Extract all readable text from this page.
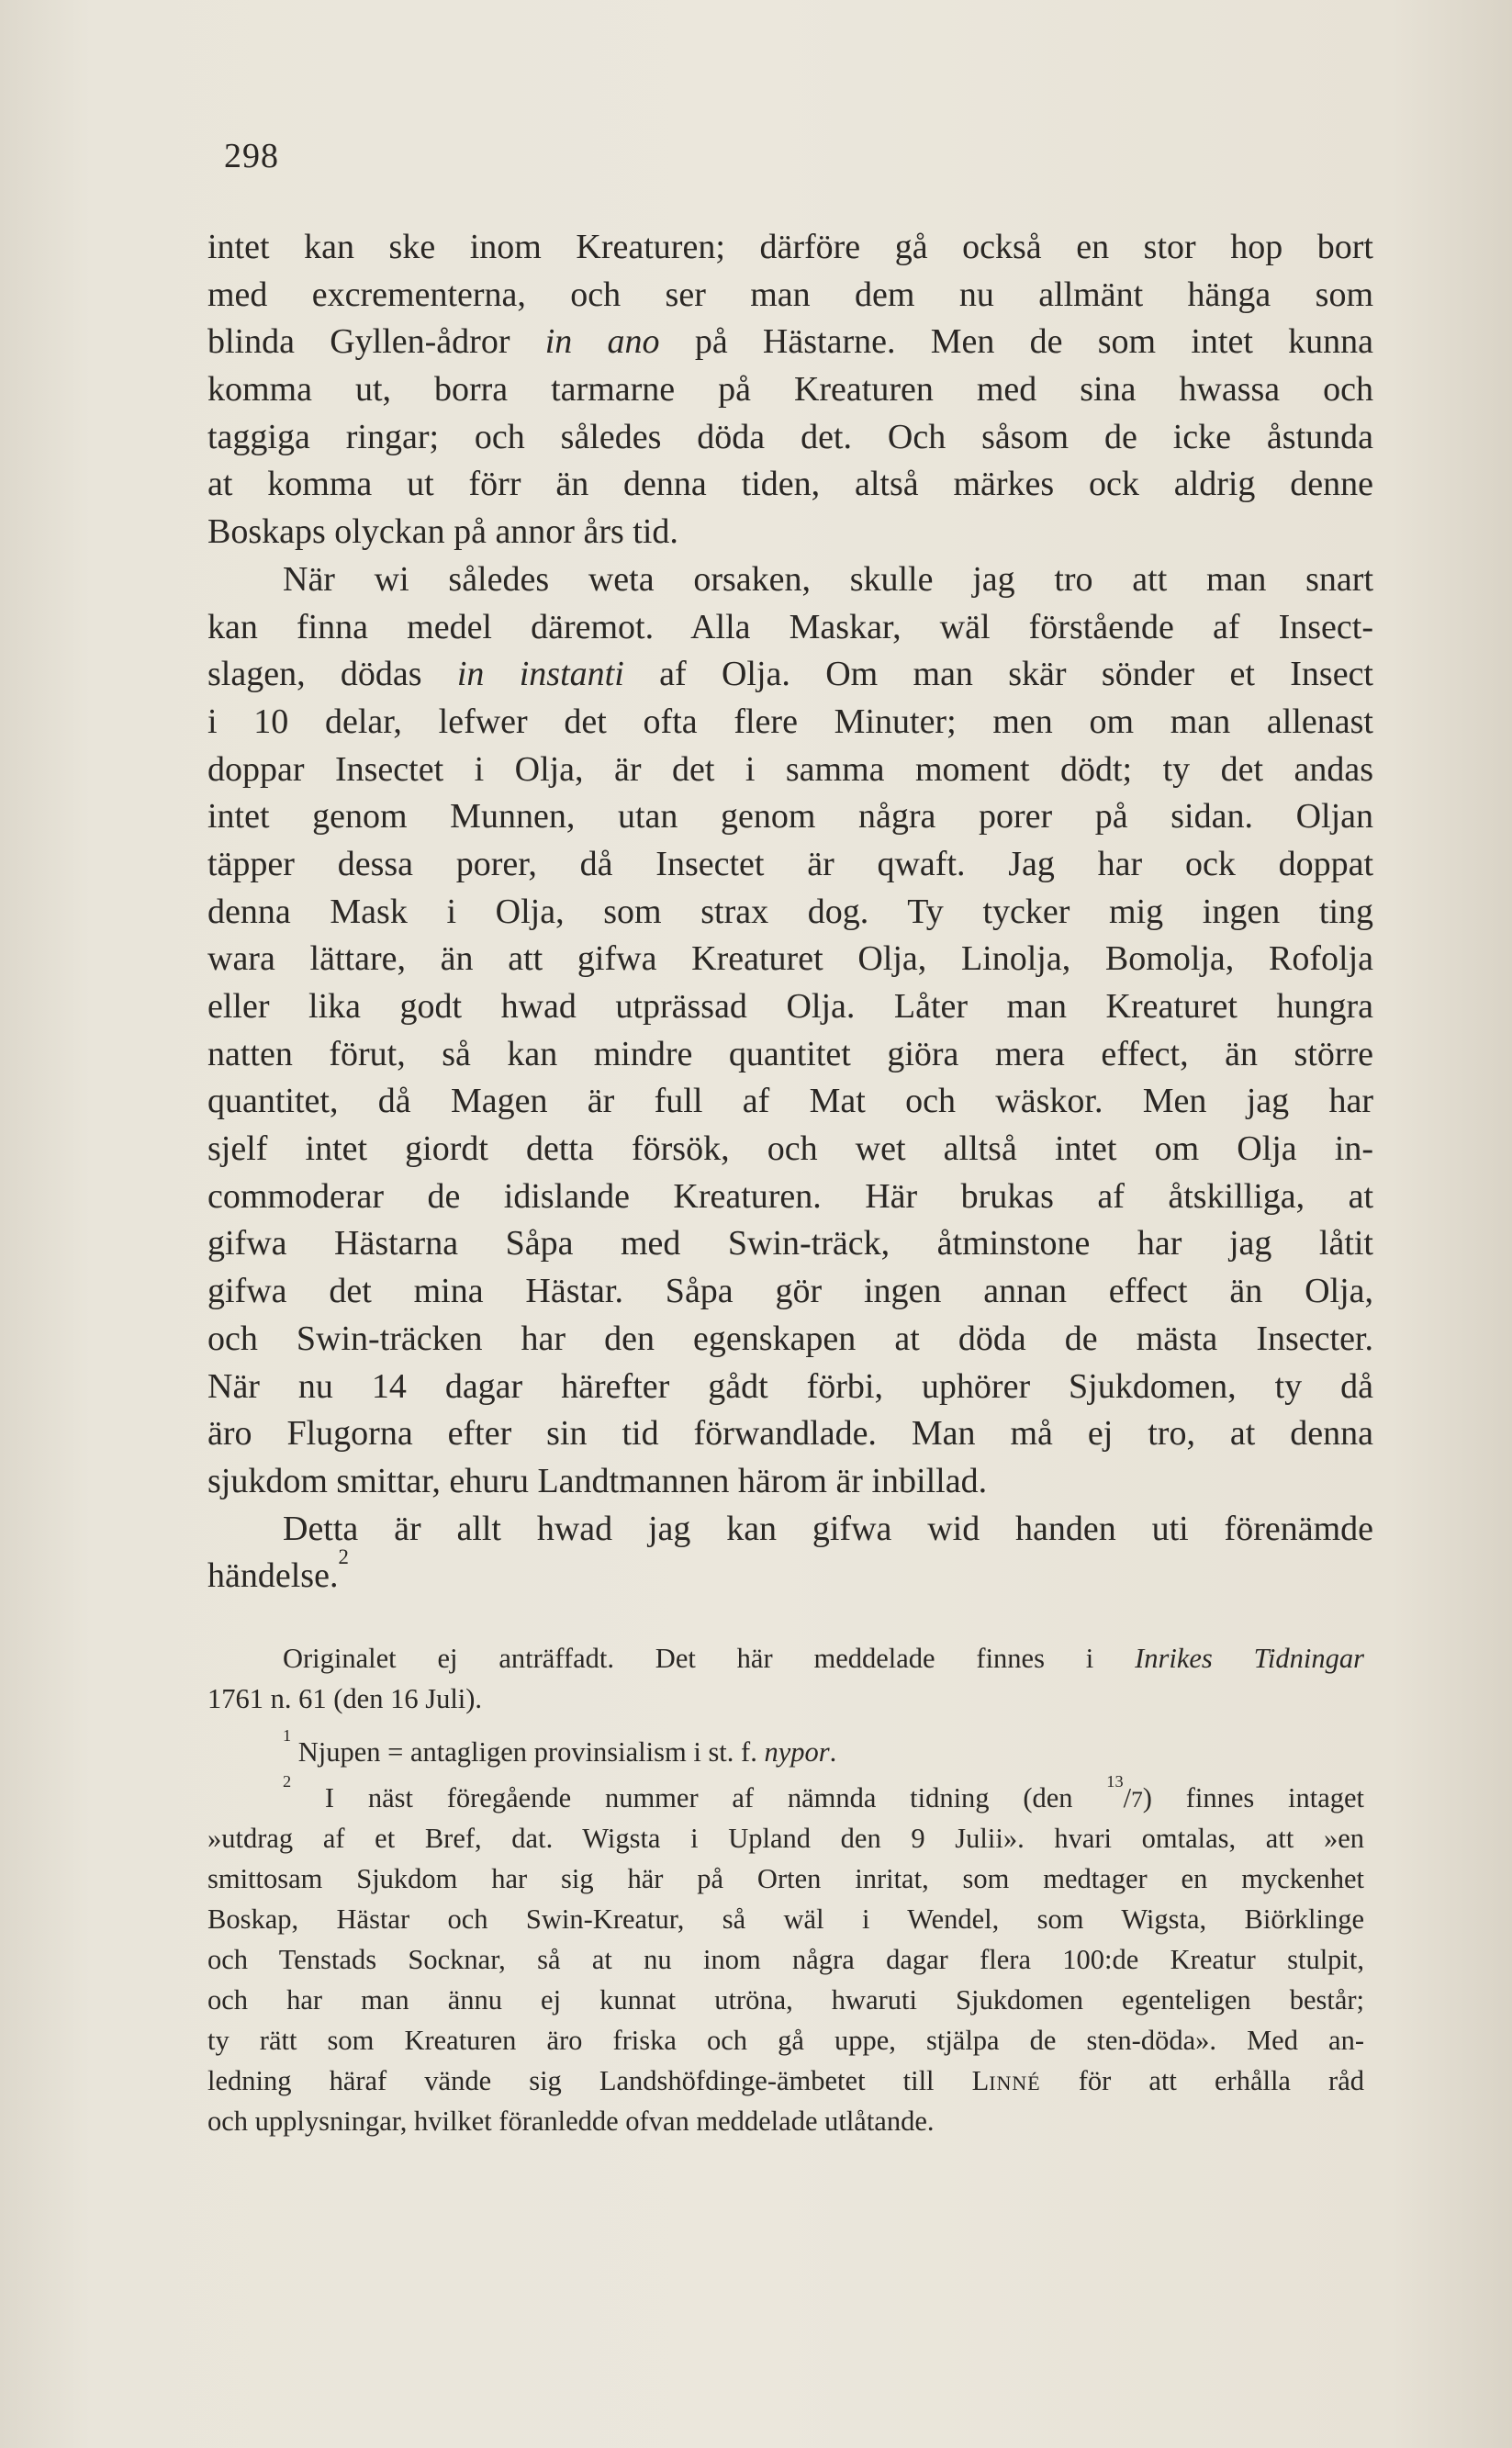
298
intet kan ske inom Kreaturen; därföre gå också en stor hop bort
med excrementerna, och ser man dem nu allmänt hänga som
blinda Gyllen-ådror in ano på Hästarne. Men de som intet kunna
komma ut, borra tarmarne på Kreaturen med sina hwassa och
taggiga ringar; och således döda det. Och såsom de icke åstunda
at komma ut förr än denna tiden, altså märkes ock aldrig denne
Boskaps olyckan på annor års tid.
När wi således weta orsaken, skulle jag tro att man snart
kan finna medel däremot. Alla Maskar, wäl förstående af Insect-
slagen, dödas in instanti af Olja. Om man skär sönder et Insect
i 10 delar, lefwer det ofta flere Minuter; men om man allenast
doppar Insectet i Olja, är det i samma moment dödt; ty det andas
intet genom Munnen, utan genom några porer på sidan. Oljan
täpper dessa porer, då Insectet är qwaft. Jag har ock doppat
denna Mask i Olja, som strax dog. Ty tycker mig ingen ting
wara lättare, än att gifwa Kreaturet Olja, Linolja, Bomolja, Rofolja
eller lika godt hwad utprässad Olja. Låter man Kreaturet hungra
natten förut, så kan mindre quantitet giöra mera effect, än större
quantitet, då Magen är full af Mat och wäskor. Men jag har
sjelf intet giordt detta försök, och wet alltså intet om Olja in-
commoderar de idislande Kreaturen. Här brukas af åtskilliga, at
gifwa Hästarna Såpa med Swin-träck, åtminstone har jag låtit
gifwa det mina Hästar. Såpa gör ingen annan effect än Olja,
och Swin-träcken har den egenskapen at döda de mästa Insecter.
När nu 14 dagar härefter gådt förbi, uphörer Sjukdomen, ty då
äro Flugorna efter sin tid förwandlade. Man må ej tro, at denna
sjukdom smittar, ehuru Landtmannen härom är inbillad.
Detta är allt hwad jag kan gifwa wid handen uti förenämde
händelse.$^2$
Originalet ej anträffadt. Det här meddelade finnes i Inrikes Tidningar
1761 n. 61 (den 16 Juli).
$^1$ Njupen = antagligen provinsialism i st. f. nypor.
$^2$ I näst föregående nummer af nämnda tidning (den $^{13}$/7) finnes intaget
»utdrag af et Bref, dat. Wigsta i Upland den 9 Julii». hvari omtalas, att »en
smittosam Sjukdom har sig här på Orten inritat, som medtager en myckenhet
Boskap, Hästar och Swin-Kreatur, så wäl i Wendel, som Wigsta, Biörklinge
och Tenstads Socknar, så at nu inom några dagar flera 100:de Kreatur stulpit,
och har man ännu ej kunnat utröna, hwaruti Sjukdomen egenteligen består;
ty rätt som Kreaturen äro friska och gå uppe, stjälpa de sten-döda». Med an-
ledning häraf vände sig Landshöfdinge-ämbetet till LINNÉ för att erhålla råd
och upplysningar, hvilket föranledde ofvan meddelade utlåtande.
